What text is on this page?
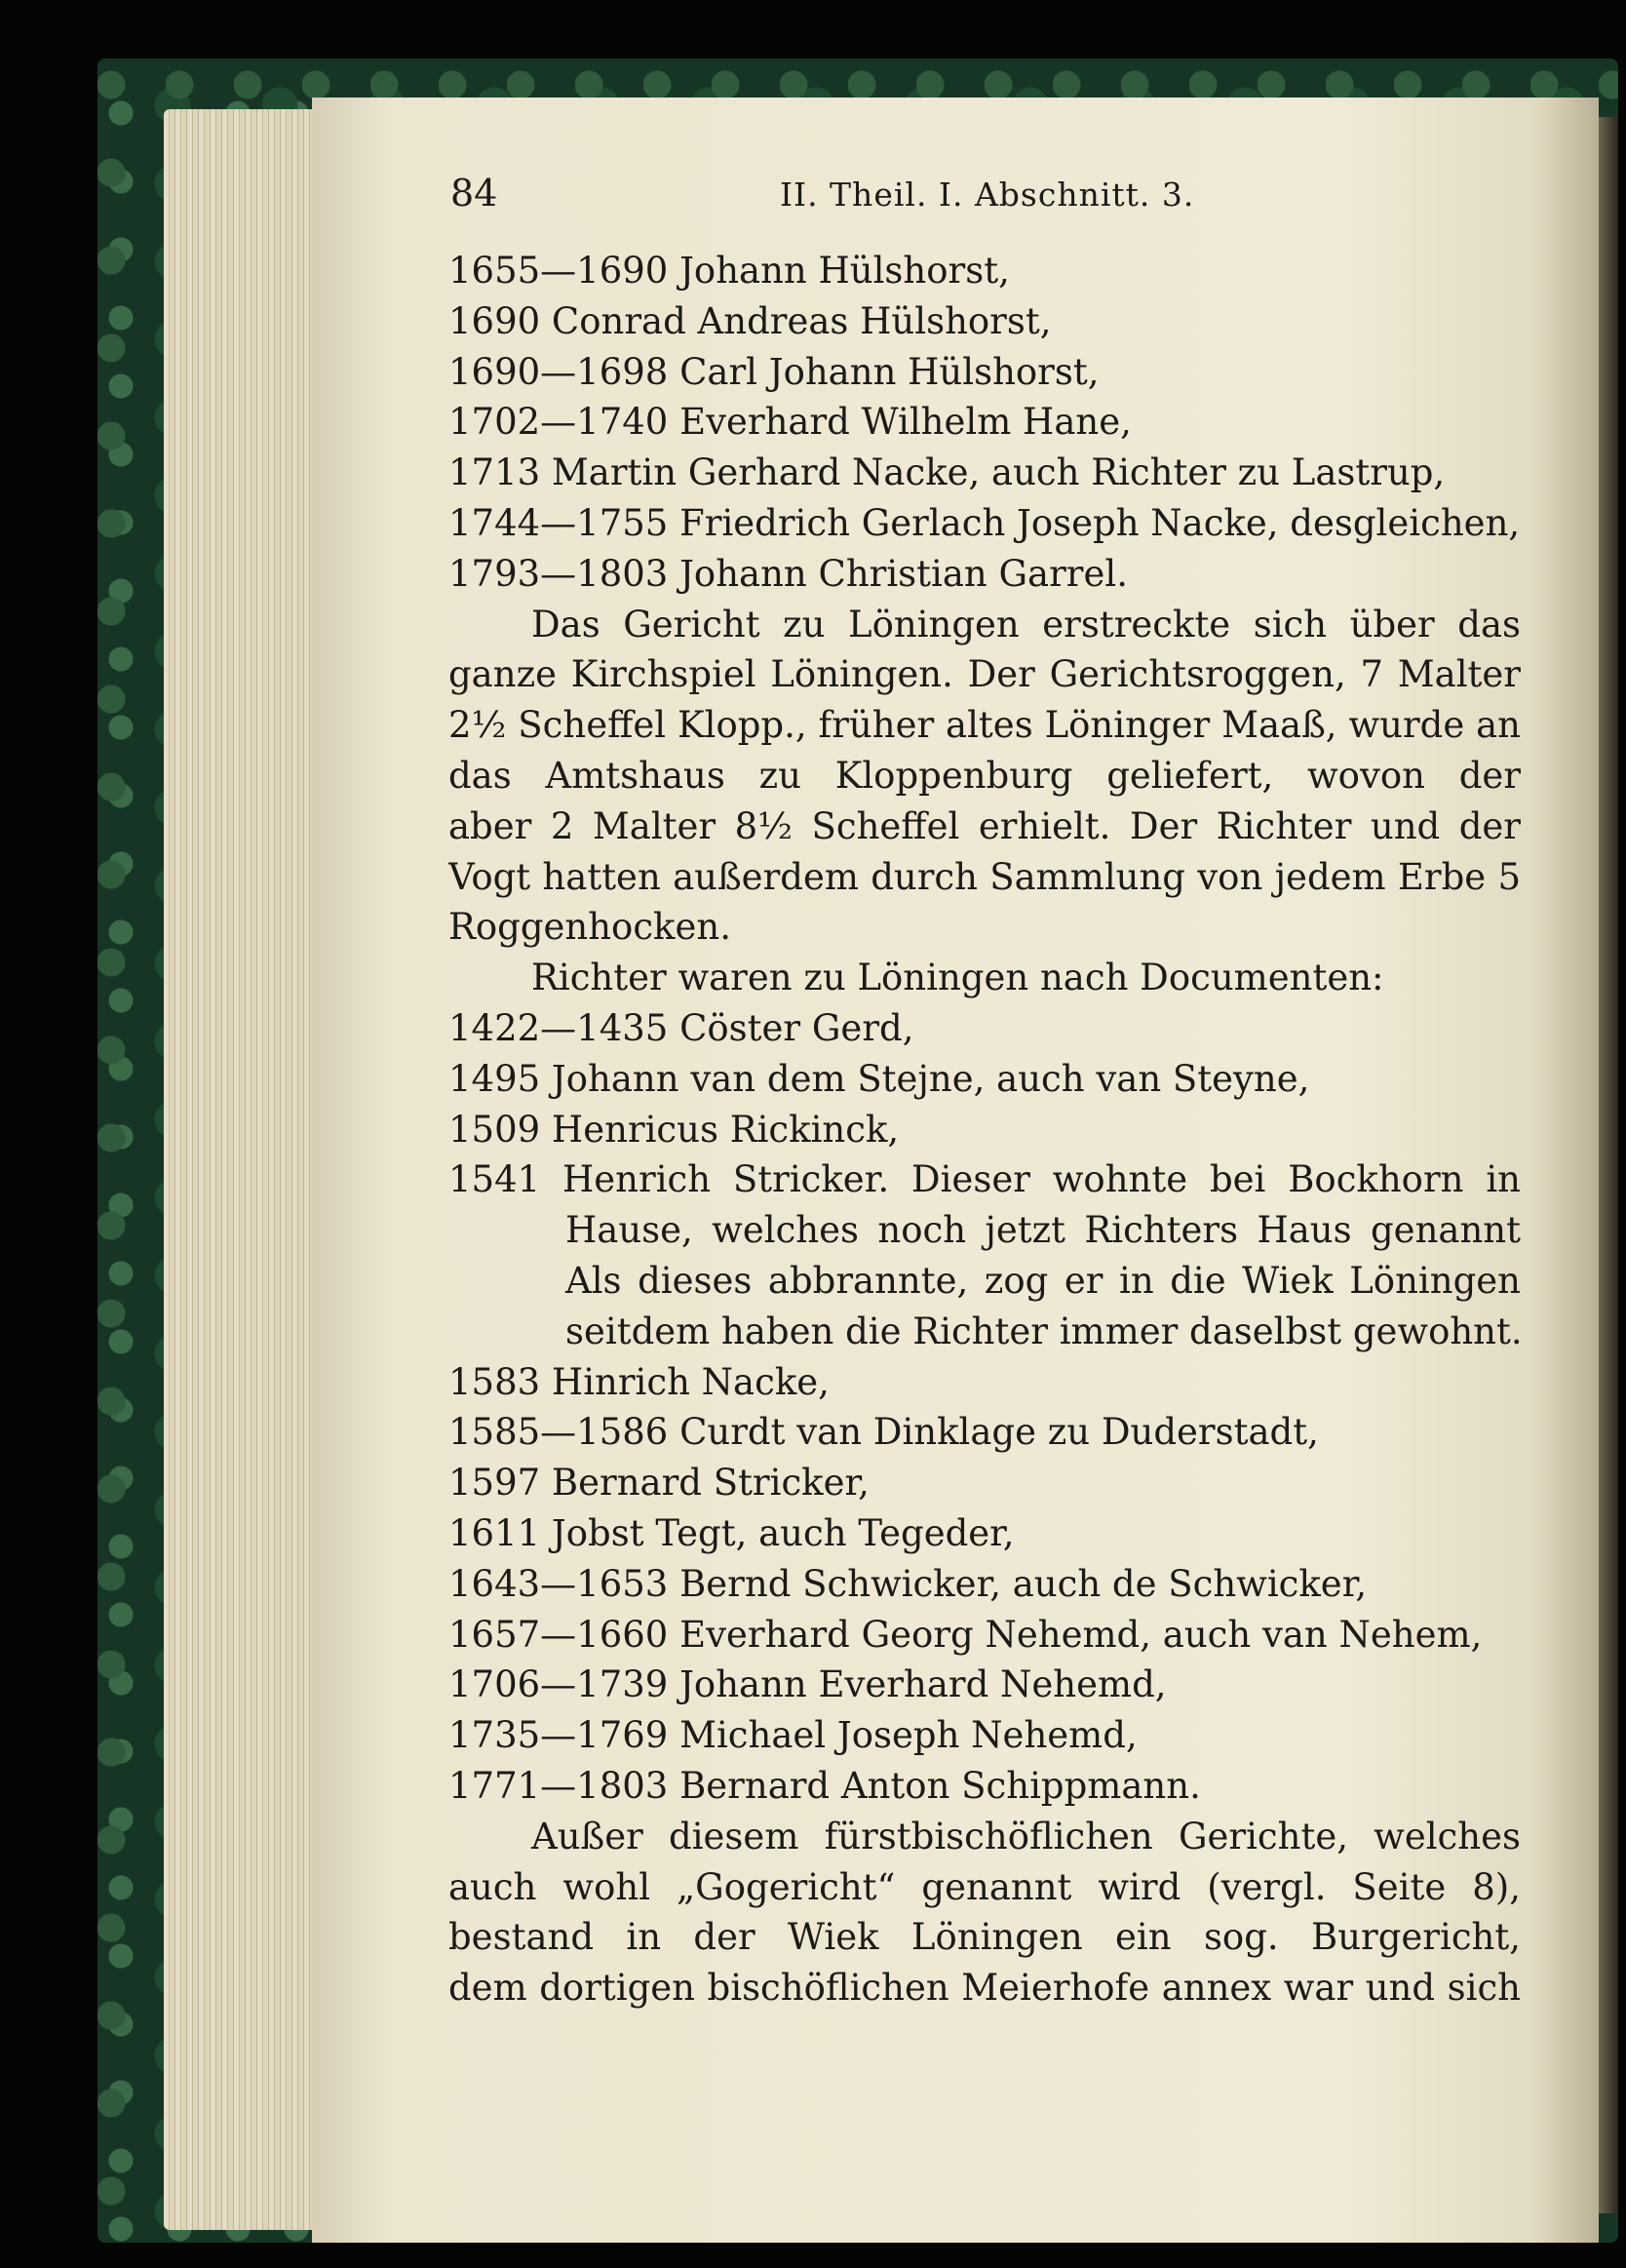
84	II. Theil. I. Abschnitt. 3.
1655—1690 Johann Hülshorst,
1690 Conrad Andreas Hülshorst,
1690—1698 Carl Johann Hülshorst,
1702—1740 Everhard Wilhelm Hane,
1713 Martin Gerhard Nacke, auch Richter zu Lastrup,
1744—1755 Friedrich Gerlach Joseph Nacke, desgleichen,
1793—1803 Johann Christian Garrel.
Das Gericht zu Löningen erstreckte sich über das
ganze Kirchspiel Löningen. Der Gerichtsroggen, 7 Malter
2½ Scheffel Klopp., früher altes Löninger Maaß, wurde an
das Amtshaus zu Kloppenburg geliefert, wovon der
aber 2 Malter 8½ Scheffel erhielt. Der Richter und der
Vogt hatten außerdem durch Sammlung von jedem Erbe 5
Roggenhocken.
Richter waren zu Löningen nach Documenten:
1422—1435 Cöster Gerd,
1495 Johann van dem Stejne, auch van Steyne,
1509 Henricus Rickinck,
1541 Henrich Stricker. Dieser wohnte bei Bockhorn in
Hause, welches noch jetzt Richters Haus genannt
Als dieses abbrannte, zog er in die Wiek Löningen
seitdem haben die Richter immer daselbst gewohnt.
1583 Hinrich Nacke,
1585—1586 Curdt van Dinklage zu Duderstadt,
1597 Bernard Stricker,
1611 Jobst Tegt, auch Tegeder,
1643—1653 Bernd Schwicker, auch de Schwicker,
1657—1660 Everhard Georg Nehemd, auch van Nehem,
1706—1739 Johann Everhard Nehemd,
1735—1769 Michael Joseph Nehemd,
1771—1803 Bernard Anton Schippmann.
Außer diesem fürstbischöflichen Gerichte, welches
auch wohl „Gogericht“ genannt wird (vergl. Seite 8),
bestand in der Wiek Löningen ein sog. Burgericht,
dem dortigen bischöflichen Meierhofe annex war und sich
